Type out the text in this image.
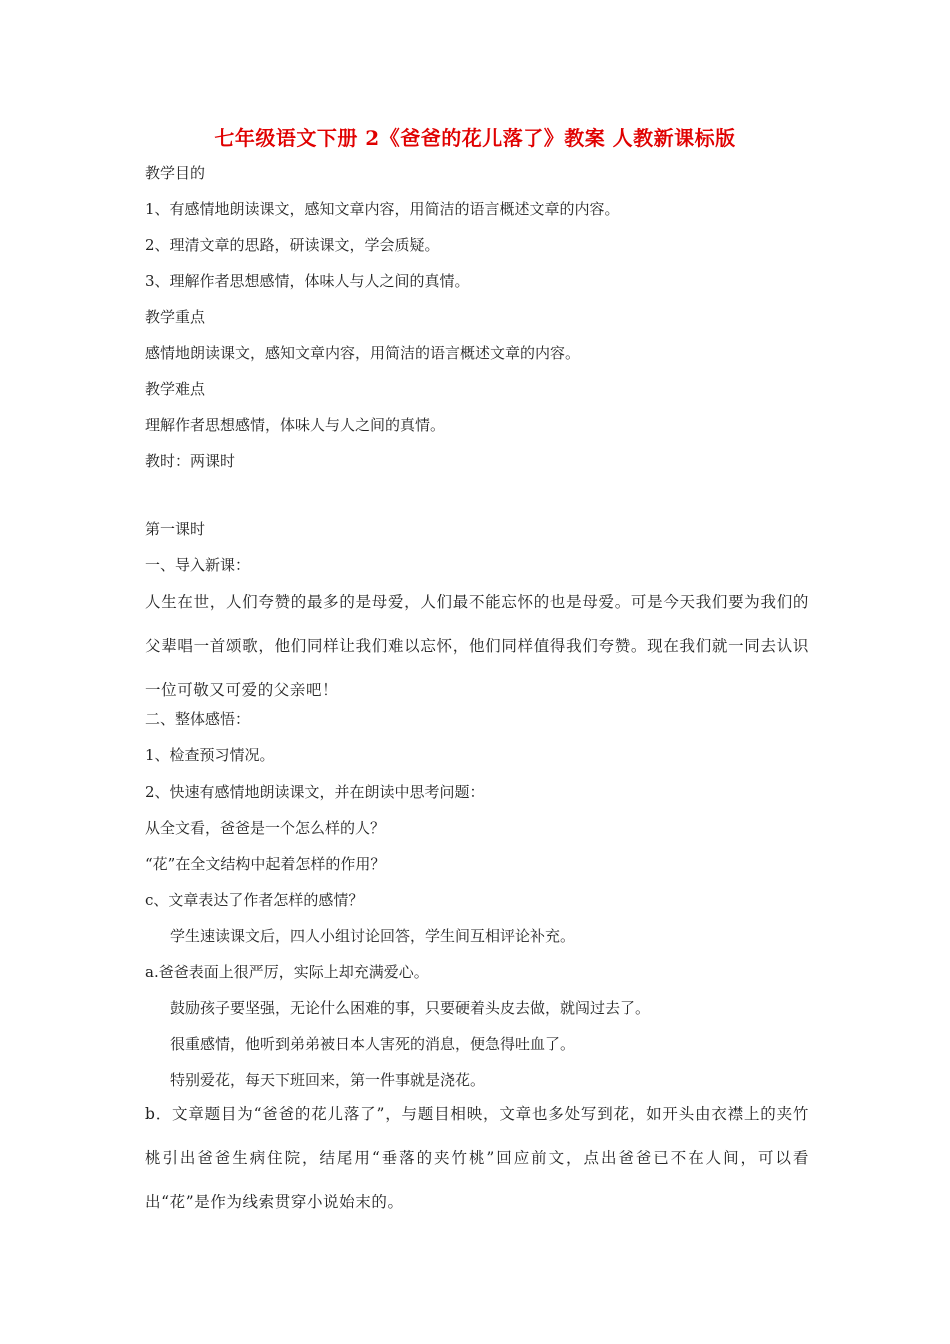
七年级语文下册 2《爸爸的花儿落了》教案 人教新课标版
教学目的
1、有感情地朗读课文，感知文章内容，用简洁的语言概述文章的内容。
2、理清文章的思路，研读课文，学会质疑。
3、理解作者思想感情，体味人与人之间的真情。
教学重点
感情地朗读课文，感知文章内容，用简洁的语言概述文章的内容。
教学难点
理解作者思想感情，体味人与人之间的真情。
教时：两课时
第一课时
一、导入新课：
人生在世，人们夸赞的最多的是母爱，人们最不能忘怀的也是母爱。可是今天我们要为我们的父辈唱一首颂歌，他们同样让我们难以忘怀，他们同样值得我们夸赞。现在我们就一同去认识一位可敬又可爱的父亲吧！
二、整体感悟：
1、检查预习情况。
2、快速有感情地朗读课文，并在朗读中思考问题：
从全文看，爸爸是一个怎么样的人？
“花”在全文结构中起着怎样的作用？
c、文章表达了作者怎样的感情？
学生速读课文后，四人小组讨论回答，学生间互相评论补充。
a.爸爸表面上很严厉，实际上却充满爱心。
鼓励孩子要坚强，无论什么困难的事，只要硬着头皮去做，就闯过去了。
很重感情，他听到弟弟被日本人害死的消息，便急得吐血了。
特别爱花，每天下班回来，第一件事就是浇花。
b．文章题目为“爸爸的花儿落了”，与题目相映，文章也多处写到花，如开头由衣襟上的夹竹桃引出爸爸生病住院，结尾用“垂落的夹竹桃”回应前文，点出爸爸已不在人间，可以看出“花”是作为线索贯穿小说始末的。
